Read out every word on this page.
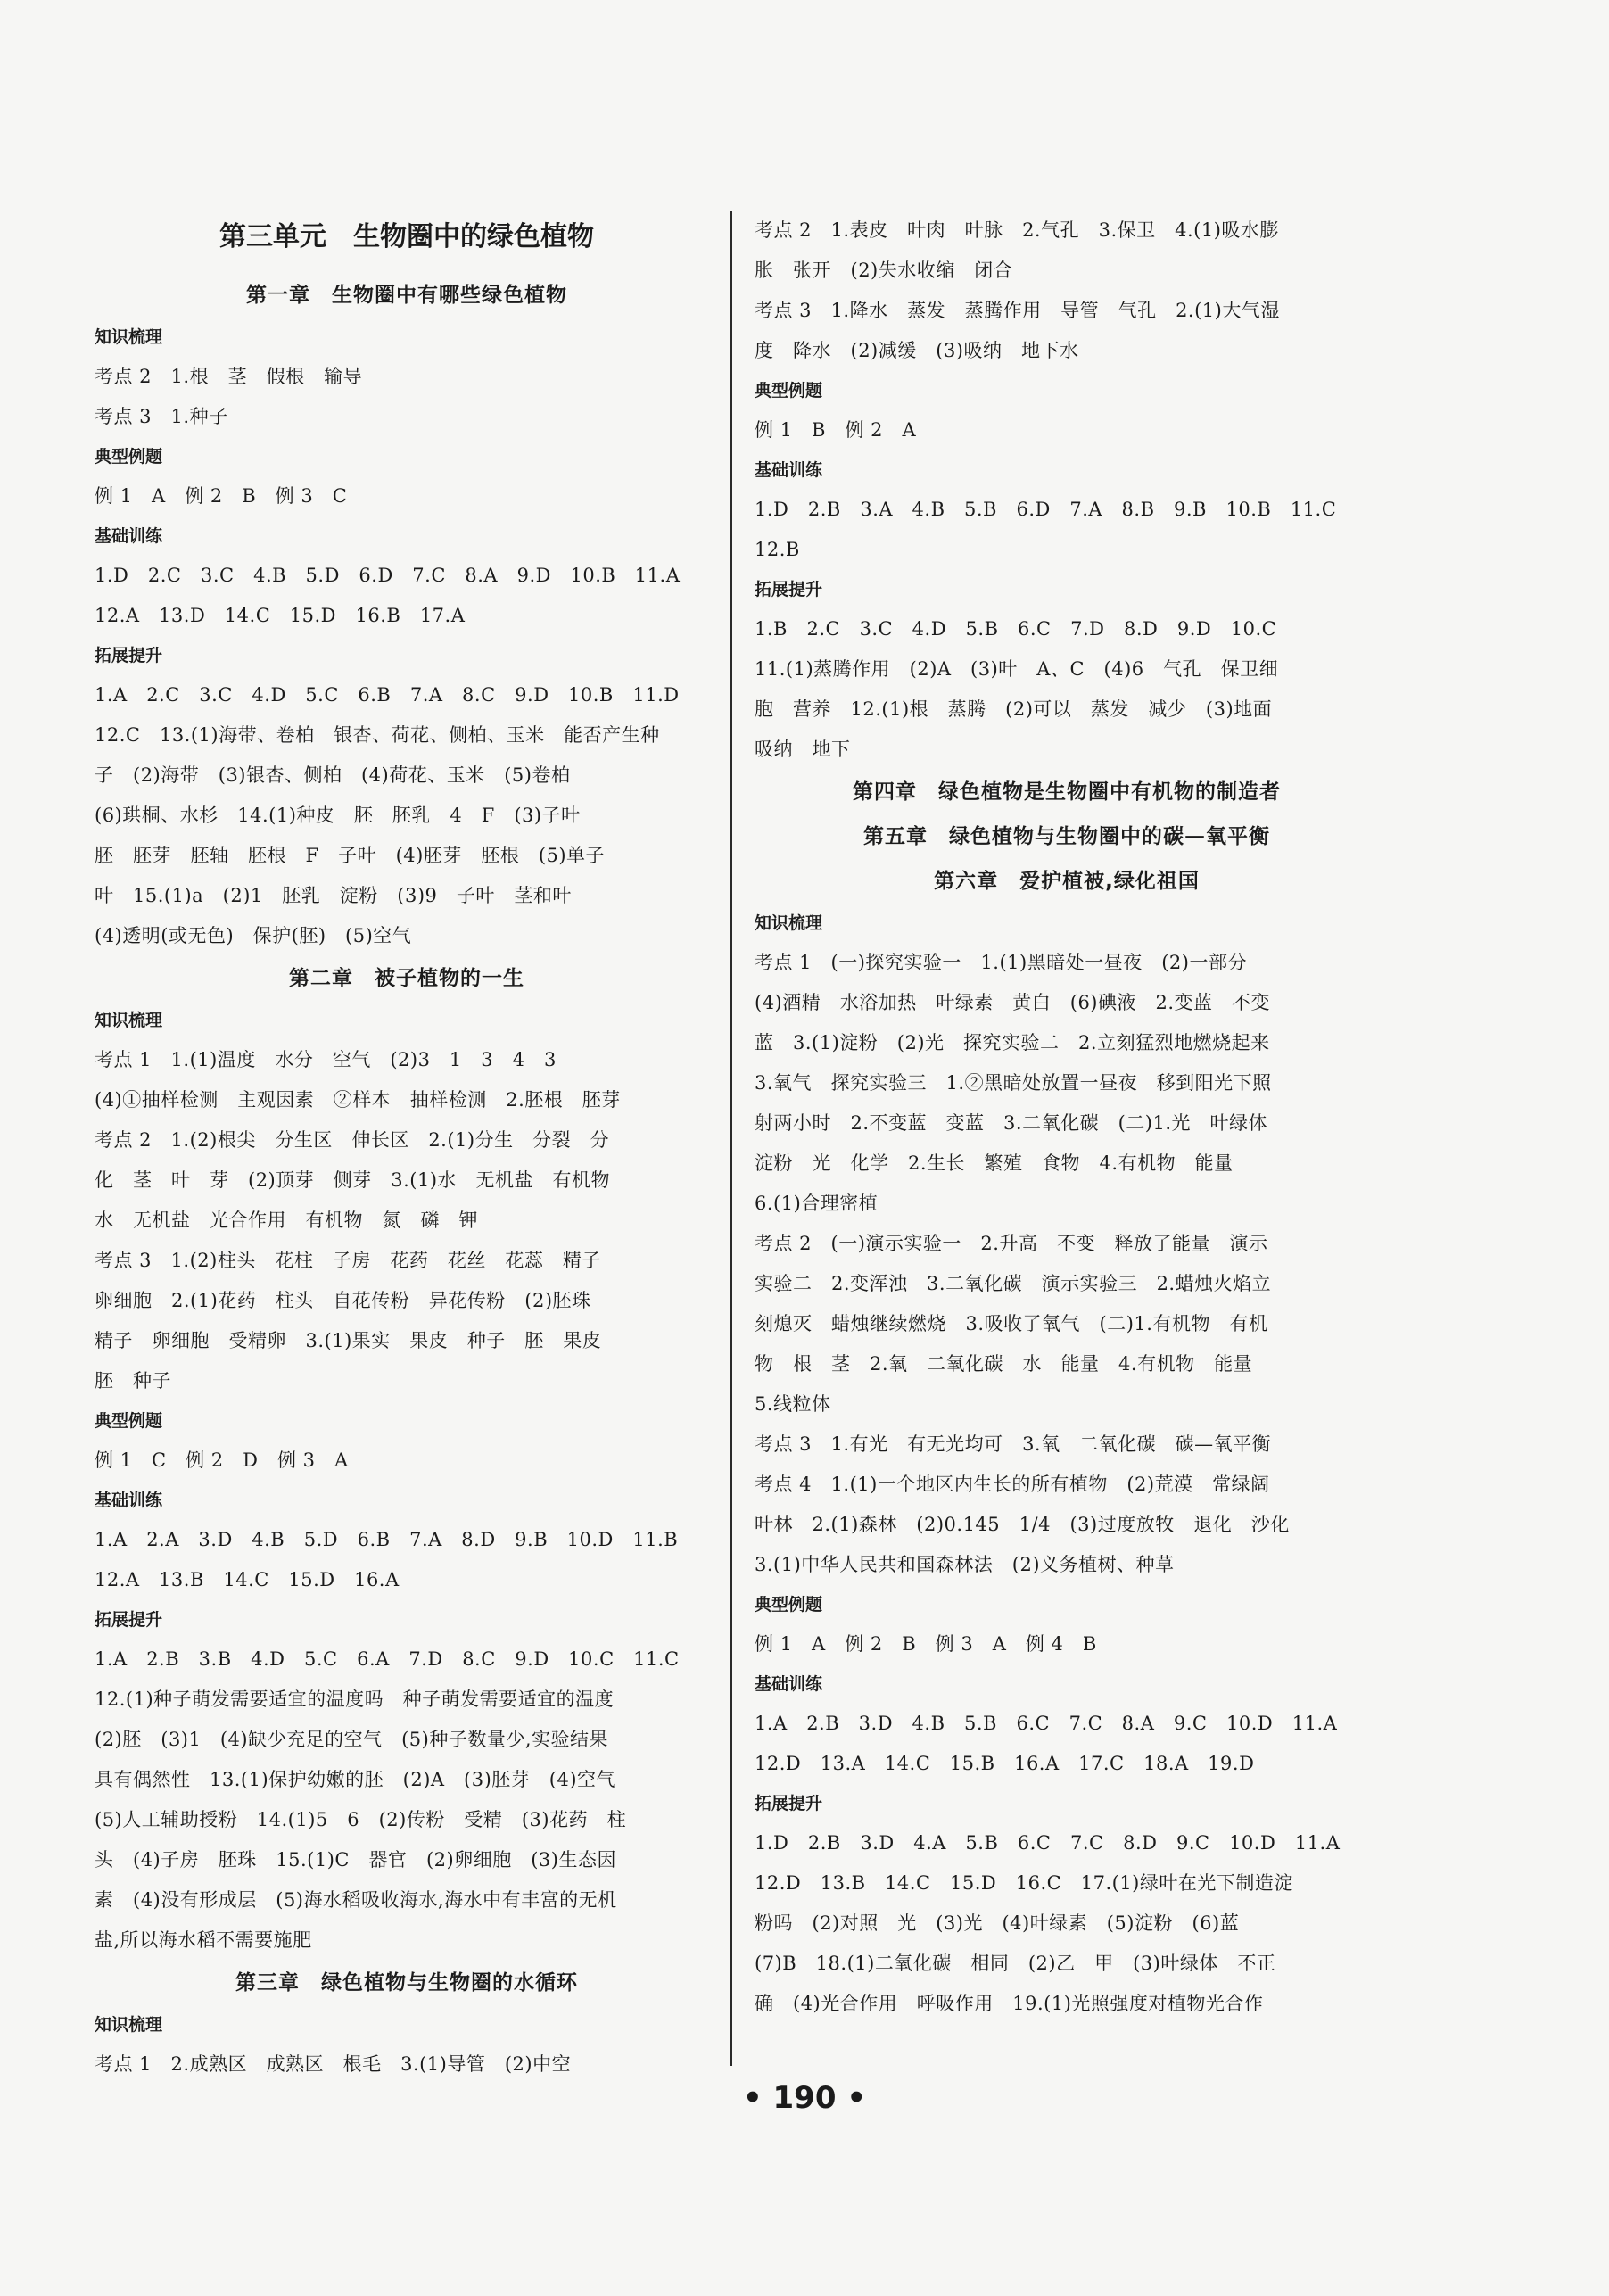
第三单元　生物圈中的绿色植物
第一章　生物圈中有哪些绿色植物
知识梳理
考点 2　1.根　茎　假根　输导
考点 3　1.种子
典型例题
例 1　A　例 2　B　例 3　C
基础训练
1.D　2.C　3.C　4.B　5.D　6.D　7.C　8.A　9.D　10.B　11.A
12.A　13.D　14.C　15.D　16.B　17.A
拓展提升
1.A　2.C　3.C　4.D　5.C　6.B　7.A　8.C　9.D　10.B　11.D
12.C　13.(1)海带、卷柏　银杏、荷花、侧柏、玉米　能否产生种
子　(2)海带　(3)银杏、侧柏　(4)荷花、玉米　(5)卷柏
(6)珙桐、水杉　14.(1)种皮　胚　胚乳　4　F　(3)子叶
胚　胚芽　胚轴　胚根　F　子叶　(4)胚芽　胚根　(5)单子
叶　15.(1)a　(2)1　胚乳　淀粉　(3)9　子叶　茎和叶
(4)透明(或无色)　保护(胚)　(5)空气
第二章　被子植物的一生
知识梳理
考点 1　1.(1)温度　水分　空气　(2)3　1　3　4　3
(4)①抽样检测　主观因素　②样本　抽样检测　2.胚根　胚芽
考点 2　1.(2)根尖　分生区　伸长区　2.(1)分生　分裂　分
化　茎　叶　芽　(2)顶芽　侧芽　3.(1)水　无机盐　有机物
水　无机盐　光合作用　有机物　氮　磷　钾
考点 3　1.(2)柱头　花柱　子房　花药　花丝　花蕊　精子
卵细胞　2.(1)花药　柱头　自花传粉　异花传粉　(2)胚珠
精子　卵细胞　受精卵　3.(1)果实　果皮　种子　胚　果皮
胚　种子
典型例题
例 1　C　例 2　D　例 3　A
基础训练
1.A　2.A　3.D　4.B　5.D　6.B　7.A　8.D　9.B　10.D　11.B
12.A　13.B　14.C　15.D　16.A
拓展提升
1.A　2.B　3.B　4.D　5.C　6.A　7.D　8.C　9.D　10.C　11.C
12.(1)种子萌发需要适宜的温度吗　种子萌发需要适宜的温度
(2)胚　(3)1　(4)缺少充足的空气　(5)种子数量少,实验结果
具有偶然性　13.(1)保护幼嫩的胚　(2)A　(3)胚芽　(4)空气
(5)人工辅助授粉　14.(1)5　6　(2)传粉　受精　(3)花药　柱
头　(4)子房　胚珠　15.(1)C　器官　(2)卵细胞　(3)生态因
素　(4)没有形成层　(5)海水稻吸收海水,海水中有丰富的无机
盐,所以海水稻不需要施肥
第三章　绿色植物与生物圈的水循环
知识梳理
考点 1　2.成熟区　成熟区　根毛　3.(1)导管　(2)中空
考点 2　1.表皮　叶肉　叶脉　2.气孔　3.保卫　4.(1)吸水膨
胀　张开　(2)失水收缩　闭合
考点 3　1.降水　蒸发　蒸腾作用　导管　气孔　2.(1)大气湿
度　降水　(2)减缓　(3)吸纳　地下水
典型例题
例 1　B　例 2　A
基础训练
1.D　2.B　3.A　4.B　5.B　6.D　7.A　8.B　9.B　10.B　11.C
12.B
拓展提升
1.B　2.C　3.C　4.D　5.B　6.C　7.D　8.D　9.D　10.C
11.(1)蒸腾作用　(2)A　(3)叶　A、C　(4)6　气孔　保卫细
胞　营养　12.(1)根　蒸腾　(2)可以　蒸发　减少　(3)地面
吸纳　地下
第四章　绿色植物是生物圈中有机物的制造者
第五章　绿色植物与生物圈中的碳—氧平衡
第六章　爱护植被,绿化祖国
知识梳理
考点 1　(一)探究实验一　1.(1)黑暗处一昼夜　(2)一部分
(4)酒精　水浴加热　叶绿素　黄白　(6)碘液　2.变蓝　不变
蓝　3.(1)淀粉　(2)光　探究实验二　2.立刻猛烈地燃烧起来
3.氧气　探究实验三　1.②黑暗处放置一昼夜　移到阳光下照
射两小时　2.不变蓝　变蓝　3.二氧化碳　(二)1.光　叶绿体
淀粉　光　化学　2.生长　繁殖　食物　4.有机物　能量
6.(1)合理密植
考点 2　(一)演示实验一　2.升高　不变　释放了能量　演示
实验二　2.变浑浊　3.二氧化碳　演示实验三　2.蜡烛火焰立
刻熄灭　蜡烛继续燃烧　3.吸收了氧气　(二)1.有机物　有机
物　根　茎　2.氧　二氧化碳　水　能量　4.有机物　能量
5.线粒体
考点 3　1.有光　有无光均可　3.氧　二氧化碳　碳—氧平衡
考点 4　1.(1)一个地区内生长的所有植物　(2)荒漠　常绿阔
叶林　2.(1)森林　(2)0.145　1/4　(3)过度放牧　退化　沙化
3.(1)中华人民共和国森林法　(2)义务植树、种草
典型例题
例 1　A　例 2　B　例 3　A　例 4　B
基础训练
1.A　2.B　3.D　4.B　5.B　6.C　7.C　8.A　9.C　10.D　11.A
12.D　13.A　14.C　15.B　16.A　17.C　18.A　19.D
拓展提升
1.D　2.B　3.D　4.A　5.B　6.C　7.C　8.D　9.C　10.D　11.A
12.D　13.B　14.C　15.D　16.C　17.(1)绿叶在光下制造淀
粉吗　(2)对照　光　(3)光　(4)叶绿素　(5)淀粉　(6)蓝
(7)B　18.(1)二氧化碳　相同　(2)乙　甲　(3)叶绿体　不正
确　(4)光合作用　呼吸作用　19.(1)光照强度对植物光合作
• 190 •
